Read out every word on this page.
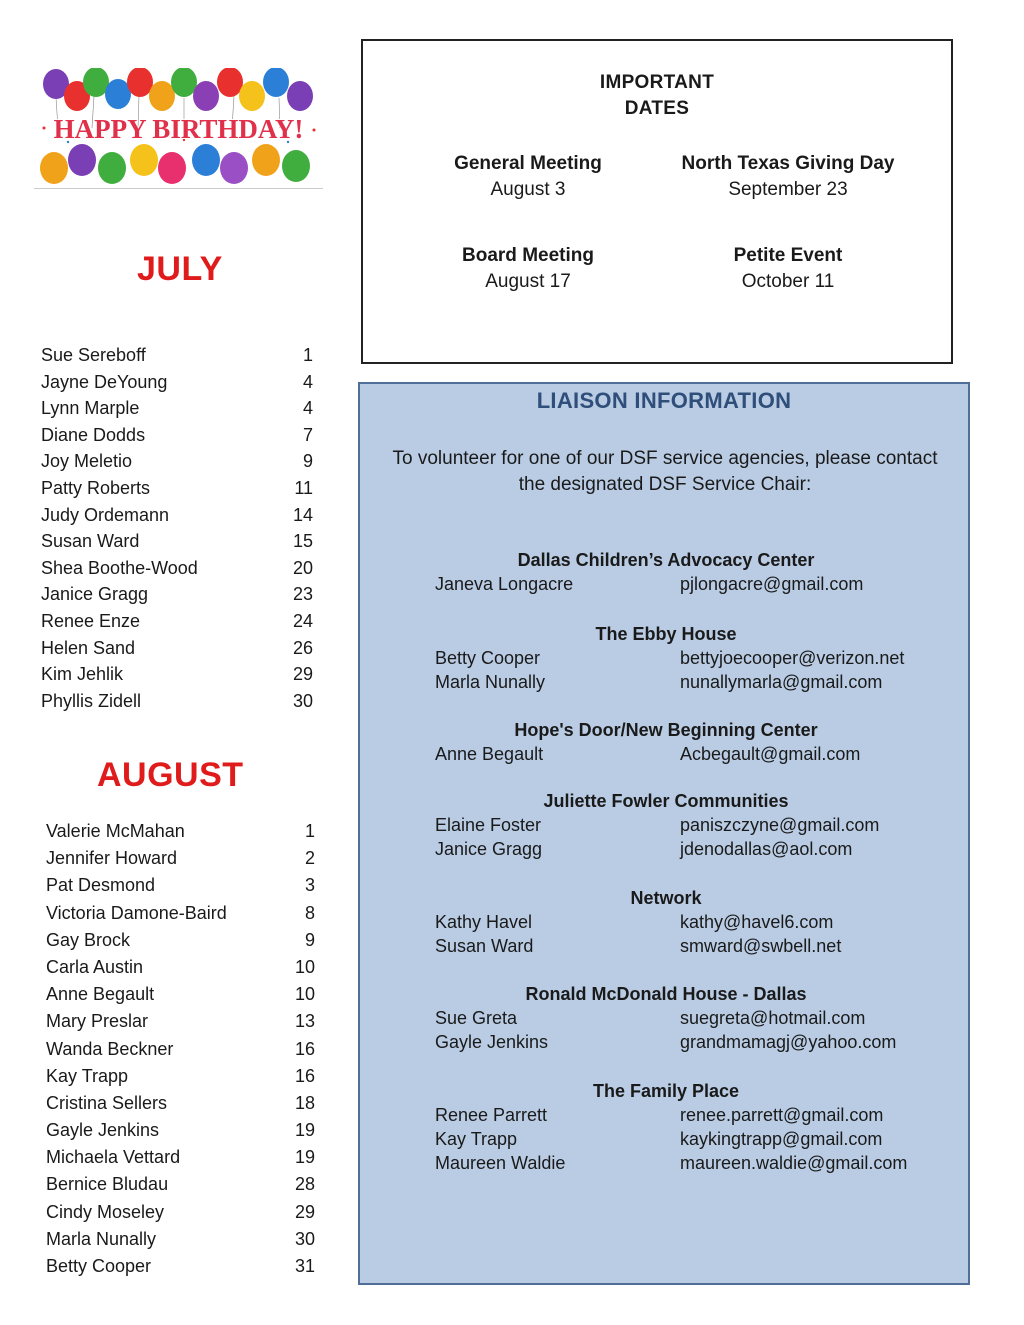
HAPPY BIRTHDAY!
JULY
Sue Sereboff	1
Jayne DeYoung	4
Lynn Marple	4
Diane Dodds	7
Joy Meletio	9
Patty Roberts	11
Judy Ordemann	14
Susan Ward	15
Shea Boothe-Wood	20
Janice Gragg	23
Renee Enze	24
Helen Sand	26
Kim Jehlik	29
Phyllis Zidell	30
AUGUST
Valerie McMahan	1
Jennifer Howard	2
Pat Desmond	3
Victoria Damone-Baird	8
Gay Brock	9
Carla Austin	10
Anne Begault	10
Mary Preslar	13
Wanda Beckner	16
Kay Trapp	16
Cristina Sellers	18
Gayle Jenkins	19
Michaela Vettard	19
Bernice Bludau	28
Cindy Moseley	29
Marla Nunally	30
Betty Cooper	31
IMPORTANT
DATES
General Meeting
August 3
North Texas Giving Day
September 23
Board Meeting
August 17
Petite Event
October 11
LIAISON INFORMATION
To volunteer for one of our DSF service agencies, please contact the designated DSF Service Chair:
Dallas Children’s Advocacy Center
Janeva Longacre	pjlongacre@gmail.com
The Ebby House
Betty Cooper	bettyjoecooper@verizon.net
Marla Nunally	nunallymarla@gmail.com
Hope's Door/New Beginning Center
Anne Begault	Acbegault@gmail.com
Juliette Fowler Communities
Elaine Foster	paniszczyne@gmail.com
Janice Gragg	jdenodallas@aol.com
Network
Kathy Havel	kathy@havel6.com
Susan Ward	smward@swbell.net
Ronald McDonald House - Dallas
Sue Greta	suegreta@hotmail.com
Gayle Jenkins	grandmamagj@yahoo.com
The Family Place
Renee Parrett	renee.parrett@gmail.com
Kay Trapp	kaykingtrapp@gmail.com
Maureen Waldie	maureen.waldie@gmail.com
